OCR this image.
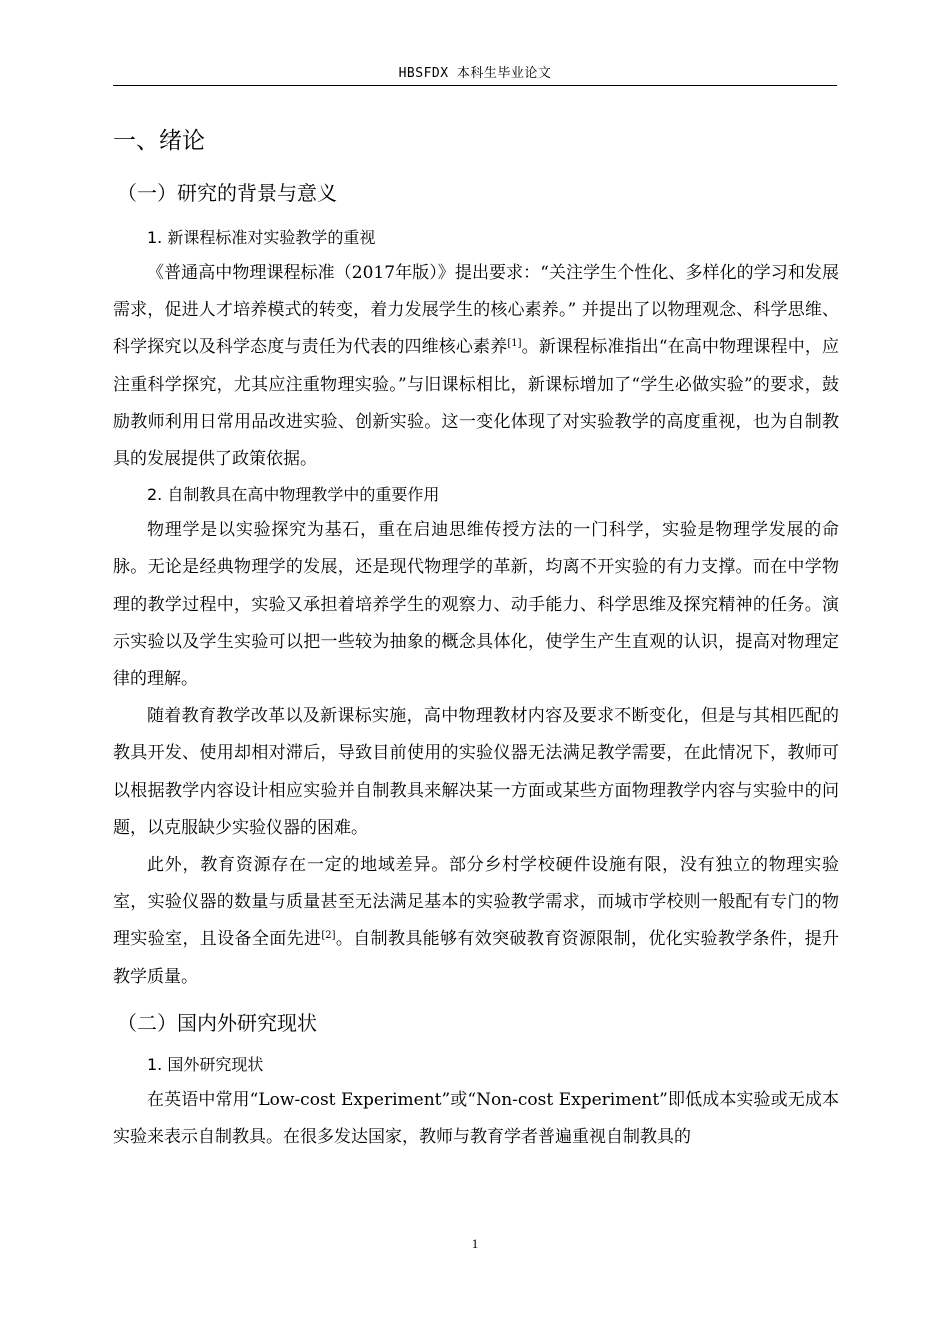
HBSFDX 本科生毕业论文
一、绪论
（一）研究的背景与意义
1. 新课程标准对实验教学的重视

《普通高中物理课程标准（2017年版）》提出要求：“关注学生个性化、多样化的学习和发展需求，促进人才培养模式的转变，着力发展学生的核心素养。” 并提出了以物理观念、科学思维、科学探究以及科学态度与责任为代表的四维核心素养[1]。新课程标准指出“在高中物理课程中，应注重科学探究，尤其应注重物理实验。”与旧课标相比，新课标增加了“学生必做实验”的要求，鼓励教师利用日常用品改进实验、创新实验。这一变化体现了对实验教学的高度重视，也为自制教具的发展提供了政策依据。

2. 自制教具在高中物理教学中的重要作用

物理学是以实验探究为基石，重在启迪思维传授方法的一门科学，实验是物理学发展的命脉。无论是经典物理学的发展，还是现代物理学的革新，均离不开实验的有力支撑。而在中学物理的教学过程中，实验又承担着培养学生的观察力、动手能力、科学思维及探究精神的任务。演示实验以及学生实验可以把一些较为抽象的概念具体化，使学生产生直观的认识，提高对物理定律的理解。

随着教育教学改革以及新课标实施，高中物理教材内容及要求不断变化，但是与其相匹配的教具开发、使用却相对滞后，导致目前使用的实验仪器无法满足教学需要，在此情况下，教师可以根据教学内容设计相应实验并自制教具来解决某一方面或某些方面物理教学内容与实验中的问题，以克服缺少实验仪器的困难。

此外，教育资源存在一定的地域差异。部分乡村学校硬件设施有限，没有独立的物理实验室，实验仪器的数量与质量甚至无法满足基本的实验教学需求，而城市学校则一般配有专门的物理实验室，且设备全面先进[2]。自制教具能够有效突破教育资源限制，优化实验教学条件，提升教学质量。

（二）国内外研究现状
1. 国外研究现状

在英语中常用“Low-cost Experiment”或“Non-cost Experiment”即低成本实验或无成本实验来表示自制教具。在很多发达国家，教师与教育学者普遍重视自制教具的

1
